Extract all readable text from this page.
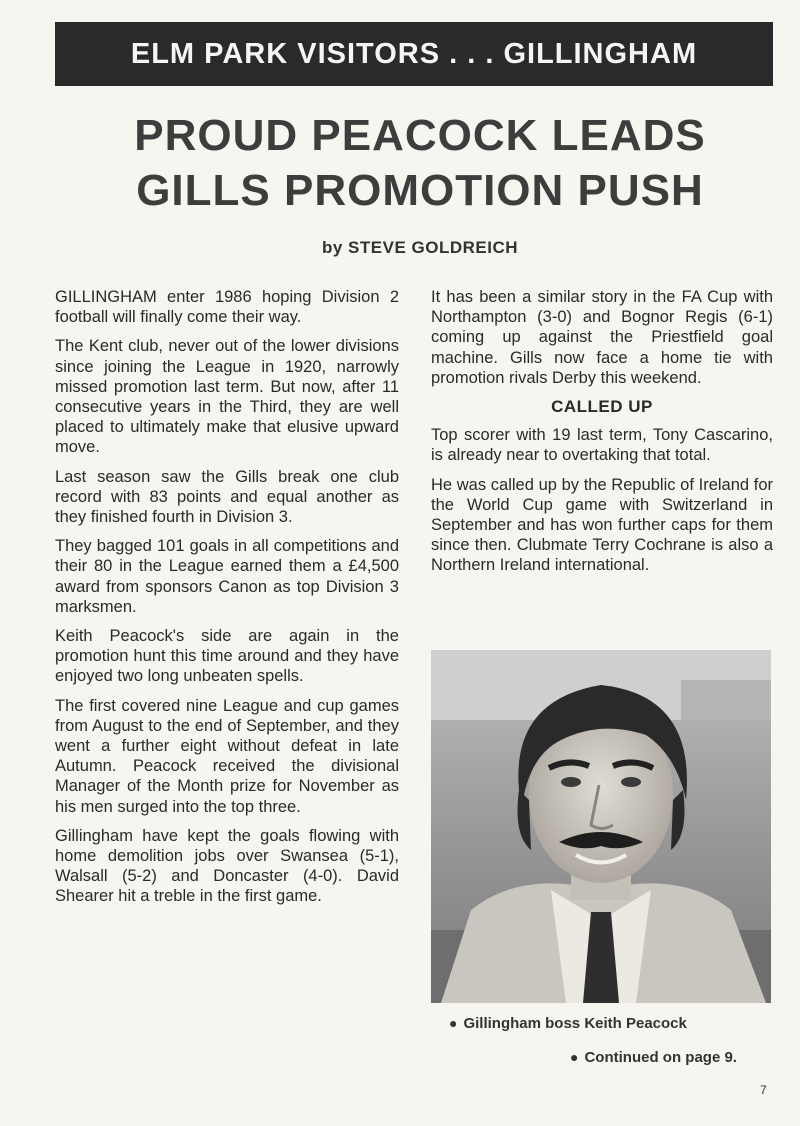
ELM PARK VISITORS . . . GILLINGHAM
PROUD PEACOCK LEADS
GILLS PROMOTION PUSH
by STEVE GOLDREICH

GILLINGHAM enter 1986 hoping Division 2 football will finally come their way.

The Kent club, never out of the lower divisions since joining the League in 1920, narrowly missed promotion last term. But now, after 11 consecutive years in the Third, they are well placed to ultimately make that elusive upward move.

Last season saw the Gills break one club record with 83 points and equal another as they finished fourth in Division 3.

They bagged 101 goals in all competitions and their 80 in the League earned them a £4,500 award from sponsors Canon as top Division 3 marksmen.

Keith Peacock's side are again in the promotion hunt this time around and they have enjoyed two long unbeaten spells.

The first covered nine League and cup games from August to the end of September, and they went a further eight without defeat in late Autumn. Peacock received the divisional Manager of the Month prize for November as his men surged into the top three.

Gillingham have kept the goals flowing with home demolition jobs over Swansea (5-1), Walsall (5-2) and Doncaster (4-0). David Shearer hit a treble in the first game.

It has been a similar story in the FA Cup with Northampton (3-0) and Bognor Regis (6-1) coming up against the Priestfield goal machine. Gills now face a home tie with promotion rivals Derby this weekend.

CALLED UP

Top scorer with 19 last term, Tony Cascarino, is already near to overtaking that total.

He was called up by the Republic of Ireland for the World Cup game with Switzerland in September and has won further caps for them since then. Clubmate Terry Cochrane is also a Northern Ireland international.

● Gillingham boss Keith Peacock
● Continued on page 9.
7
